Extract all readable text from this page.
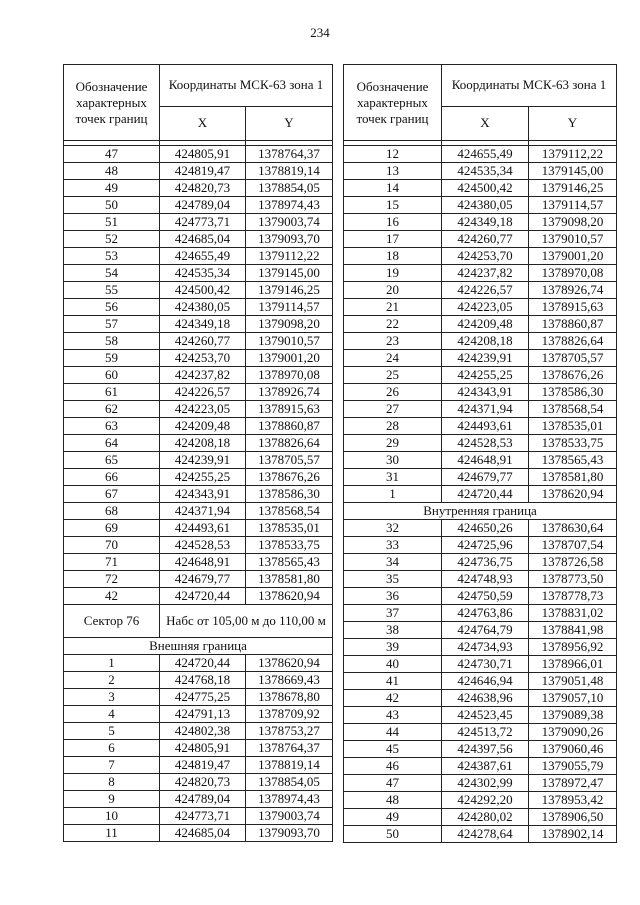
234
Обозначение характерных точек границ	Координаты МСК-63 зона 1	
	X	Y

47	424805,91	1378764,37
48	424819,47	1378819,14
49	424820,73	1378854,05
50	424789,04	1378974,43
51	424773,71	1379003,74
52	424685,04	1379093,70
53	424655,49	1379112,22
54	424535,34	1379145,00
55	424500,42	1379146,25
56	424380,05	1379114,57
57	424349,18	1379098,20
58	424260,77	1379010,57
59	424253,70	1379001,20
60	424237,82	1378970,08
61	424226,57	1378926,74
62	424223,05	1378915,63
63	424209,48	1378860,87
64	424208,18	1378826,64
65	424239,91	1378705,57
66	424255,25	1378676,26
67	424343,91	1378586,30
68	424371,94	1378568,54
69	424493,61	1378535,01
70	424528,53	1378533,75
71	424648,91	1378565,43
72	424679,77	1378581,80
42	424720,44	1378620,94
Сектор 76	Набс от 105,00 м до 110,00 м	
Внешняя граница		
1	424720,44	1378620,94
2	424768,18	1378669,43
3	424775,25	1378678,80
4	424791,13	1378709,92
5	424802,38	1378753,27
6	424805,91	1378764,37
7	424819,47	1378819,14
8	424820,73	1378854,05
9	424789,04	1378974,43
10	424773,71	1379003,74
11	424685,04	1379093,70
Обозначение характерных точек границ	Координаты МСК-63 зона 1	
	X	Y

12	424655,49	1379112,22
13	424535,34	1379145,00
14	424500,42	1379146,25
15	424380,05	1379114,57
16	424349,18	1379098,20
17	424260,77	1379010,57
18	424253,70	1379001,20
19	424237,82	1378970,08
20	424226,57	1378926,74
21	424223,05	1378915,63
22	424209,48	1378860,87
23	424208,18	1378826,64
24	424239,91	1378705,57
25	424255,25	1378676,26
26	424343,91	1378586,30
27	424371,94	1378568,54
28	424493,61	1378535,01
29	424528,53	1378533,75
30	424648,91	1378565,43
31	424679,77	1378581,80
1	424720,44	1378620,94
Внутренняя граница		
32	424650,26	1378630,64
33	424725,96	1378707,54
34	424736,75	1378726,58
35	424748,93	1378773,50
36	424750,59	1378778,73
37	424763,86	1378831,02
38	424764,79	1378841,98
39	424734,93	1378956,92
40	424730,71	1378966,01
41	424646,94	1379051,48
42	424638,96	1379057,10
43	424523,45	1379089,38
44	424513,72	1379090,26
45	424397,56	1379060,46
46	424387,61	1379055,79
47	424302,99	1378972,47
48	424292,20	1378953,42
49	424280,02	1378906,50
50	424278,64	1378902,14
